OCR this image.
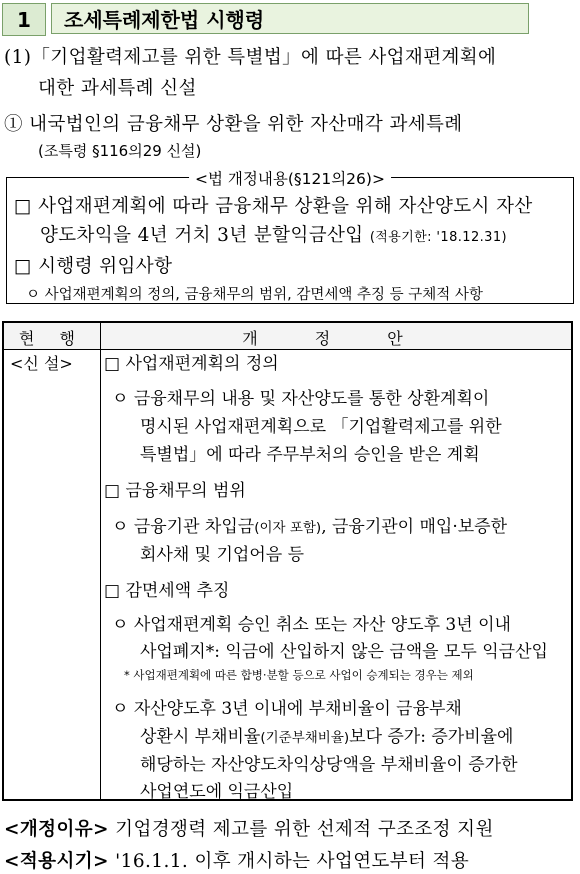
1	조세특례제한법 시행령
(1)「기업활력제고를 위한 특별법」에 따른 사업재편계획에
대한 과세특례 신설
① 내국법인의 금융채무 상환을 위한 자산매각 과세특례
(조특령 §116의29 신설)
<법 개정내용(§121의26)>
□ 사업재편계획에 따라 금융채무 상환을 위해 자산양도시 자산
양도차익을 4년 거치 3년 분할익금산입 (적용기한: '18.12.31)
□ 시행령 위임사항
ㅇ 사업재편계획의 정의, 금융채무의 범위, 감면세액 추징 등 구체적 사항
현 행	개 정 안
<신 설> □ 사업재편계획의 정의
ㅇ 금융채무의 내용 및 자산양도를 통한 상환계획이
명시된 사업재편계획으로 「기업활력제고를 위한
특별법」에 따라 주무부처의 승인을 받은 계획
□ 금융채무의 범위
ㅇ 금융기관 차입금(이자 포함), 금융기관이 매입·보증한
회사채 및 기업어음 등
□ 감면세액 추징
ㅇ 사업재편계획 승인 취소 또는 자산 양도후 3년 이내
사업폐지*: 익금에 산입하지 않은 금액을 모두 익금산입
* 사업재편계획에 따른 합병·분할 등으로 사업이 승계되는 경우는 제외
ㅇ 자산양도후 3년 이내에 부채비율이 금융부채
상환시 부채비율(기준부채비율)보다 증가: 증가비율에
해당하는 자산양도차익상당액을 부채비율이 증가한
사업연도에 익금산입
<개정이유> 기업경쟁력 제고를 위한 선제적 구조조정 지원
<적용시기> '16.1.1. 이후 개시하는 사업연도부터 적용
